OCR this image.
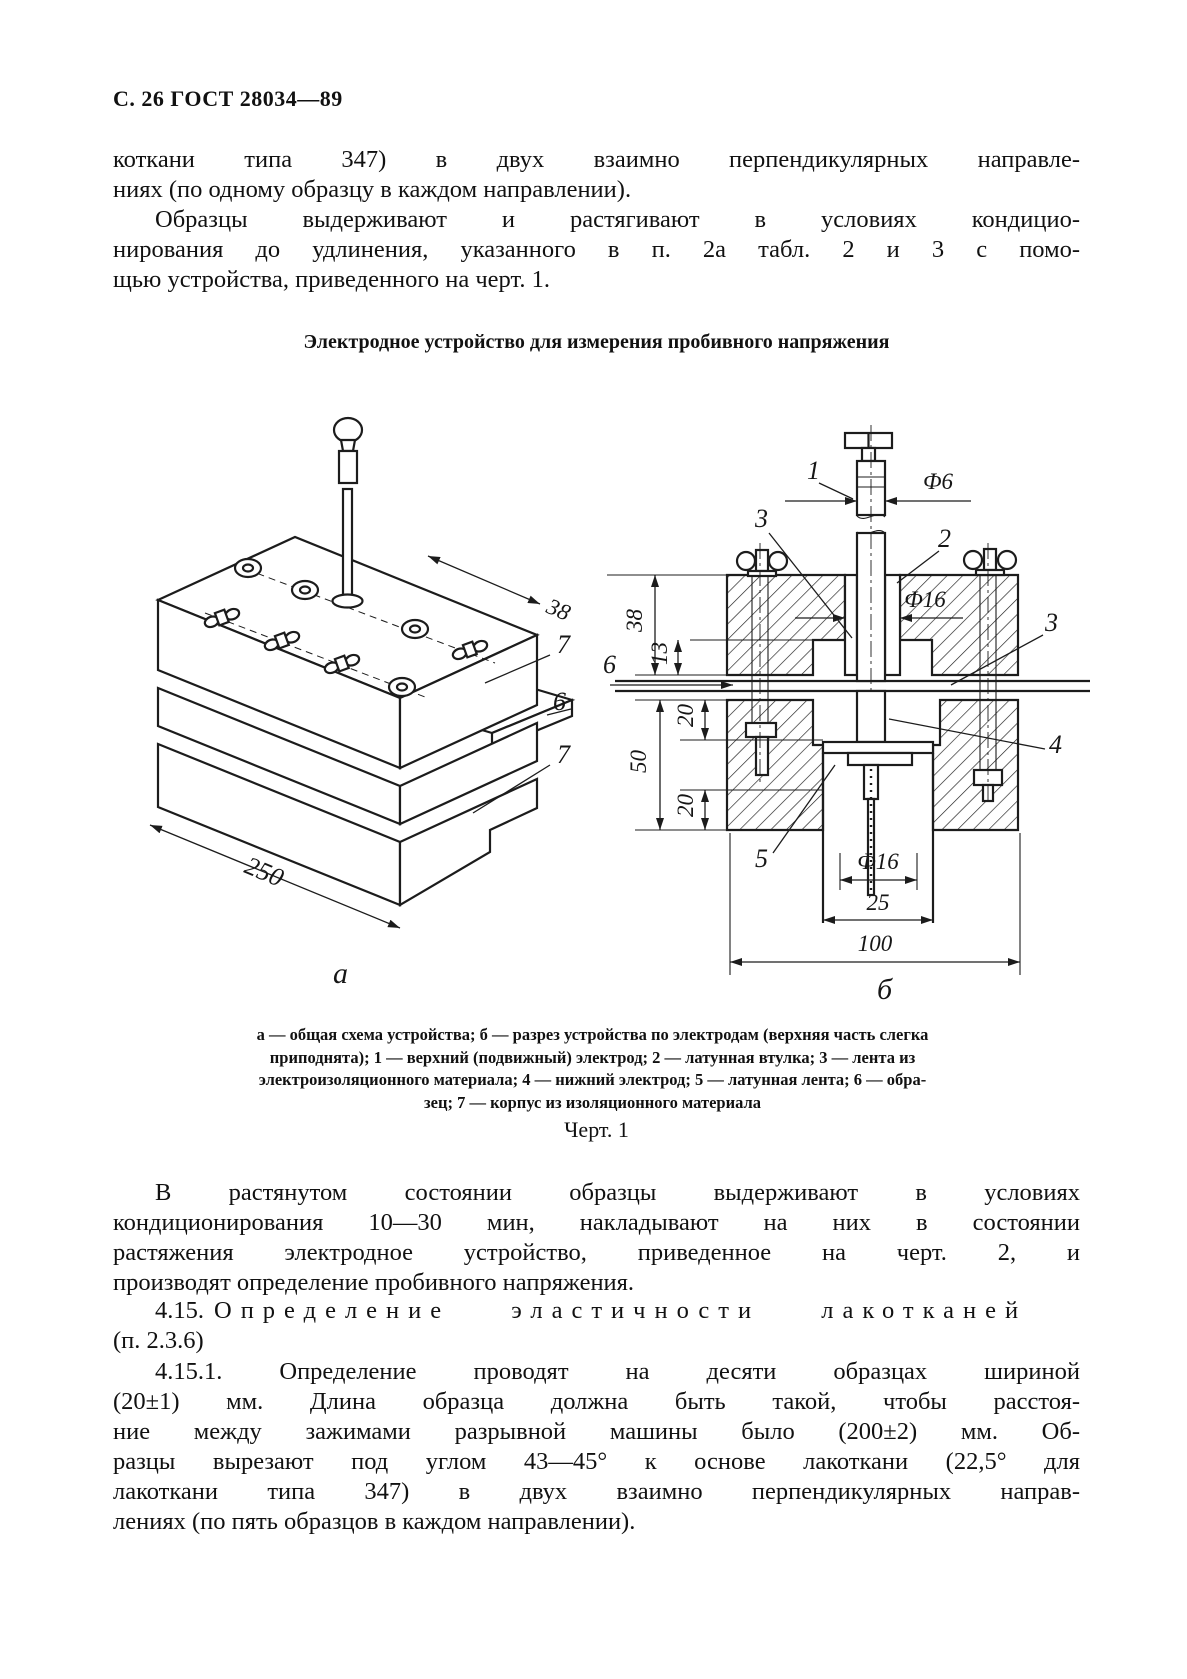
С. 26 ГОСТ 28034—89
коткани типа 347) в двух взаимно перпендикулярных направле-
ниях (по одному образцу в каждом направлении).
Образцы выдерживают и растягивают в условиях кондицио-
нирования до удлинения, указанного в п. 2а табл. 2 и 3 с помо-
щью устройства, приведенного на черт. 1.
Электродное устройство для измерения пробивного напряжения
250
38
7
6
7
а
38
13
20
50
20
6
Ф6
Ф16
1
2
3
3
4
5	Ф16
25
100
б
а — общая схема устройства; б — разрез устройства по электродам (верхняя часть слегка
приподнята); 1 — верхний (подвижный) электрод; 2 — латунная втулка; 3 — лента из
электроизоляционного материала; 4 — нижний электрод; 5 — латунная лента; 6 — обра-
зец; 7 — корпус из изоляционного материала
Черт. 1
В растянутом состоянии образцы выдерживают в условиях
кондиционирования 10—30 мин, накладывают на них в состоянии
растяжения электродное устройство, приведенное на черт. 2, и
производят определение пробивного напряжения.
4.15. Определение эластичности лакотканей
(п. 2.3.6)
4.15.1. Определение проводят на десяти образцах шириной
(20±1) мм. Длина образца должна быть такой, чтобы расстоя-
ние между зажимами разрывной машины было (200±2) мм. Об-
разцы вырезают под углом 43—45° к основе лакоткани (22,5° для
лакоткани типа 347) в двух взаимно перпендикулярных направ-
лениях (по пять образцов в каждом направлении).
